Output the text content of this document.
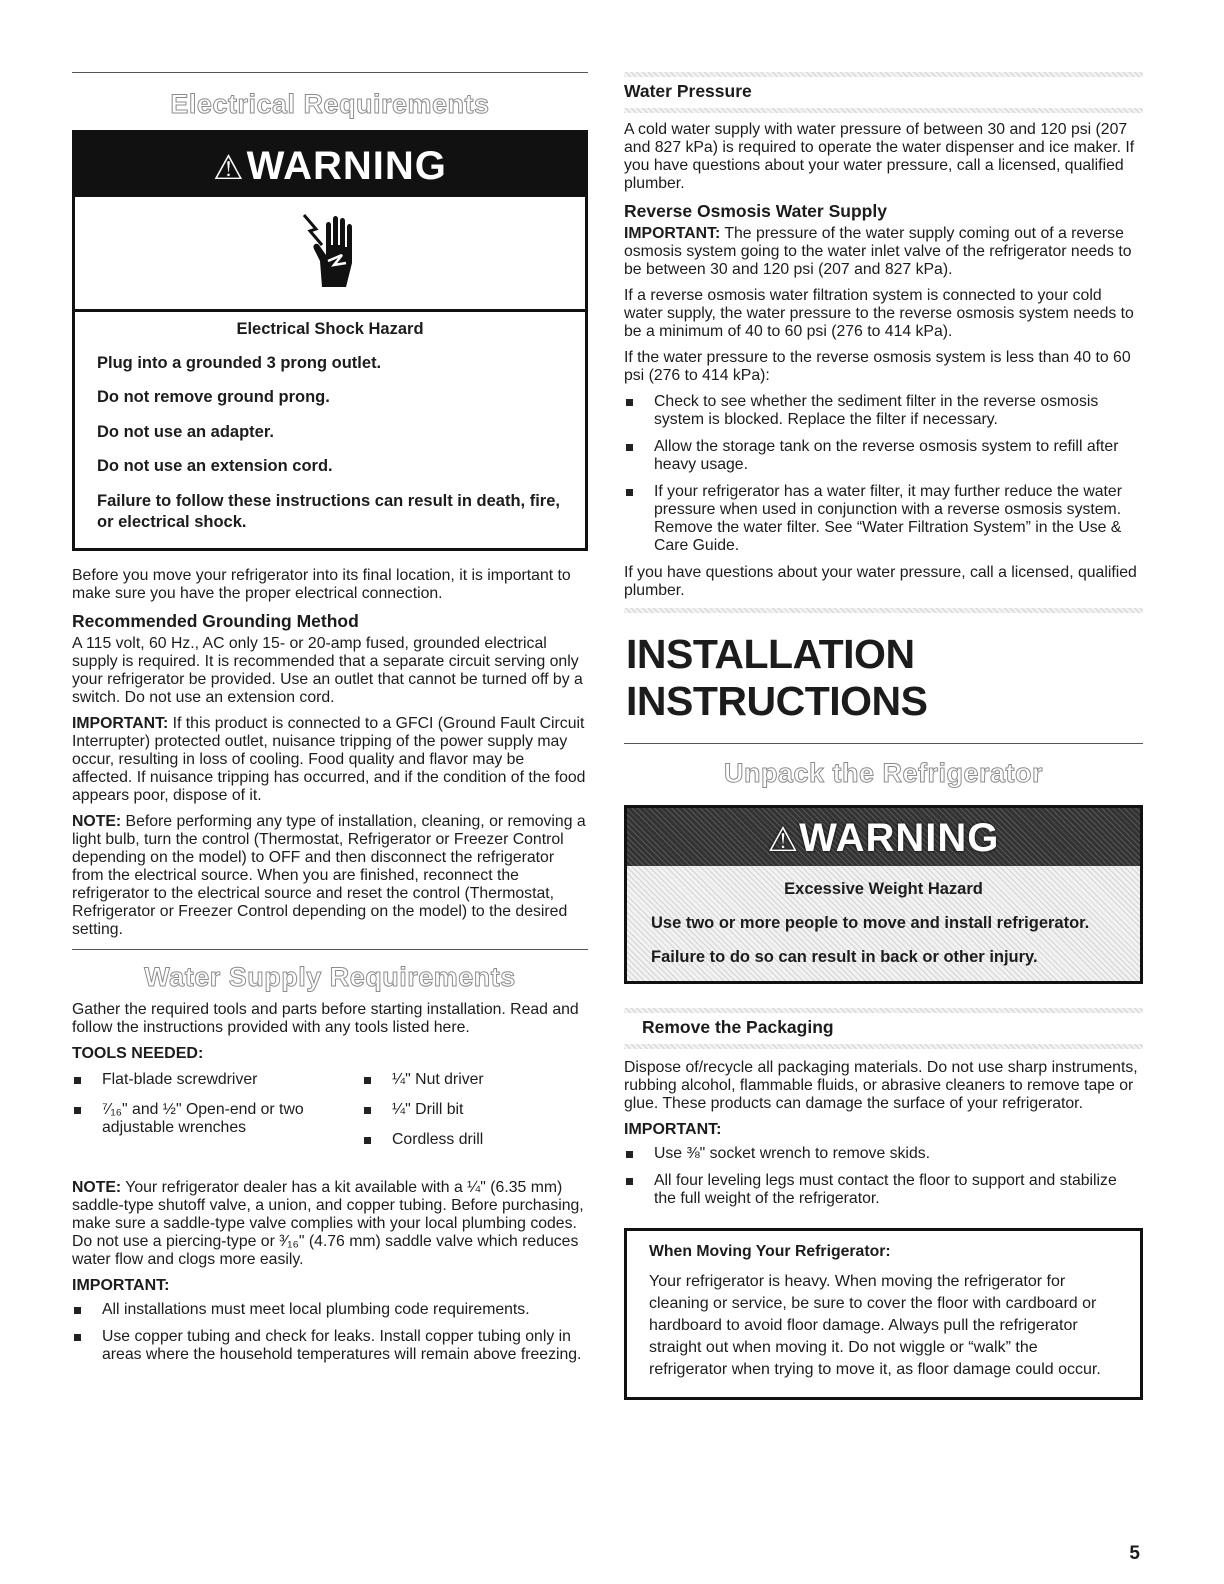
Electrical Requirements
⚠WARNING
Electrical Shock Hazard

Plug into a grounded 3 prong outlet.

Do not remove ground prong.

Do not use an adapter.

Do not use an extension cord.

Failure to follow these instructions can result in death, fire, or electrical shock.

Before you move your refrigerator into its final location, it is important to make sure you have the proper electrical connection.

Recommended Grounding Method

A 115 volt, 60 Hz., AC only 15- or 20-amp fused, grounded electrical supply is required. It is recommended that a separate circuit serving only your refrigerator be provided. Use an outlet that cannot be turned off by a switch. Do not use an extension cord.

IMPORTANT: If this product is connected to a GFCI (Ground Fault Circuit Interrupter) protected outlet, nuisance tripping of the power supply may occur, resulting in loss of cooling. Food quality and flavor may be affected. If nuisance tripping has occurred, and if the condition of the food appears poor, dispose of it.

NOTE: Before performing any type of installation, cleaning, or removing a light bulb, turn the control (Thermostat, Refrigerator or Freezer Control depending on the model) to OFF and then disconnect the refrigerator from the electrical source. When you are finished, reconnect the refrigerator to the electrical source and reset the control (Thermostat, Refrigerator or Freezer Control depending on the model) to the desired setting.

Water Supply Requirements

Gather the required tools and parts before starting installation. Read and follow the instructions provided with any tools listed here.

TOOLS NEEDED:
Flat-blade screwdriver
⁷⁄₁₆" and ½" Open-end or two adjustable wrenches
¼" Nut driver
¼" Drill bit
Cordless drill

NOTE: Your refrigerator dealer has a kit available with a ¼" (6.35 mm) saddle-type shutoff valve, a union, and copper tubing. Before purchasing, make sure a saddle-type valve complies with your local plumbing codes. Do not use a piercing-type or ³⁄₁₆" (4.76 mm) saddle valve which reduces water flow and clogs more easily.

IMPORTANT:
All installations must meet local plumbing code requirements.
Use copper tubing and check for leaks. Install copper tubing only in areas where the household temperatures will remain above freezing.
Water Pressure

A cold water supply with water pressure of between 30 and 120 psi (207 and 827 kPa) is required to operate the water dispenser and ice maker. If you have questions about your water pressure, call a licensed, qualified plumber.

Reverse Osmosis Water Supply

IMPORTANT: The pressure of the water supply coming out of a reverse osmosis system going to the water inlet valve of the refrigerator needs to be between 30 and 120 psi (207 and 827 kPa).

If a reverse osmosis water filtration system is connected to your cold water supply, the water pressure to the reverse osmosis system needs to be a minimum of 40 to 60 psi (276 to 414 kPa).

If the water pressure to the reverse osmosis system is less than 40 to 60 psi (276 to 414 kPa):

Check to see whether the sediment filter in the reverse osmosis system is blocked. Replace the filter if necessary.
Allow the storage tank on the reverse osmosis system to refill after heavy usage.
If your refrigerator has a water filter, it may further reduce the water pressure when used in conjunction with a reverse osmosis system. Remove the water filter. See “Water Filtration System” in the Use & Care Guide.

If you have questions about your water pressure, call a licensed, qualified plumber.

INSTALLATION INSTRUCTIONS
Unpack the Refrigerator
⚠WARNING
Excessive Weight Hazard

Use two or more people to move and install refrigerator.

Failure to do so can result in back or other injury.

Remove the Packaging

Dispose of/recycle all packaging materials. Do not use sharp instruments, rubbing alcohol, flammable fluids, or abrasive cleaners to remove tape or glue. These products can damage the surface of your refrigerator.

IMPORTANT:
Use ⅜" socket wrench to remove skids.
All four leveling legs must contact the floor to support and stabilize the full weight of the refrigerator.
When Moving Your Refrigerator:
Your refrigerator is heavy. When moving the refrigerator for cleaning or service, be sure to cover the floor with cardboard or hardboard to avoid floor damage. Always pull the refrigerator straight out when moving it. Do not wiggle or “walk” the refrigerator when trying to move it, as floor damage could occur.
5
